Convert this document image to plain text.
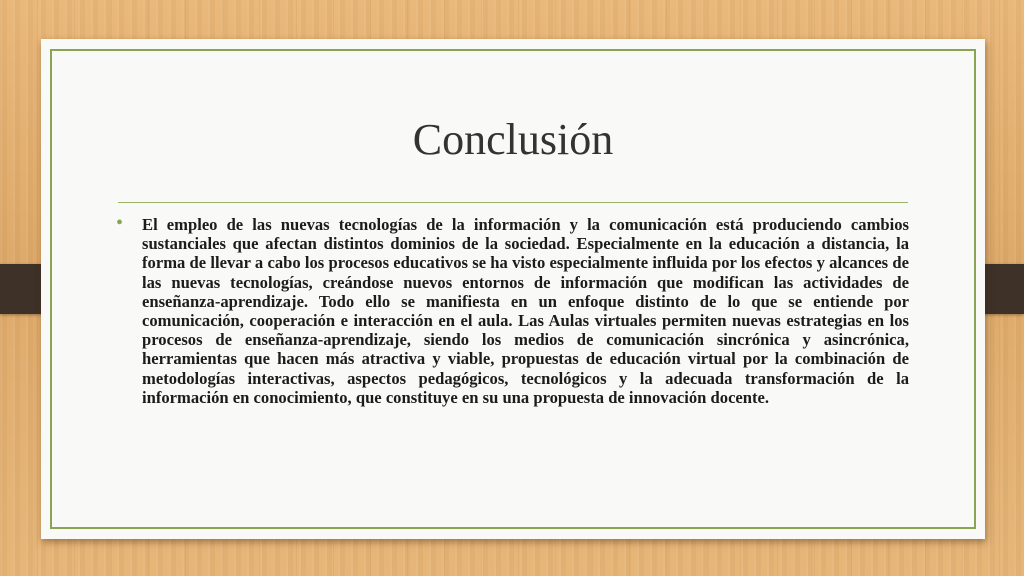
Conclusión
• El empleo de las nuevas tecnologías de la información y la comunicación está produciendo cambios sustanciales que afectan distintos dominios de la sociedad. Especialmente en la educación a distancia, la forma de llevar a cabo los procesos educativos se ha visto especialmente influida por los efectos y alcances de las nuevas tecnologías, creándose nuevos entornos de información que modifican las actividades de enseñanza-aprendizaje. Todo ello se manifiesta en un enfoque distinto de lo que se entiende por comunicación, cooperación e interacción en el aula. Las Aulas virtuales permiten nuevas estrategias en los procesos de enseñanza-aprendizaje, siendo los medios de comunicación sincrónica y asincrónica, herramientas que hacen más atractiva y viable, propuestas de educación virtual por la combinación de metodologías interactivas, aspectos pedagógicos, tecnológicos y la adecuada transformación de la información en conocimiento, que constituye en su una propuesta de innovación docente.
